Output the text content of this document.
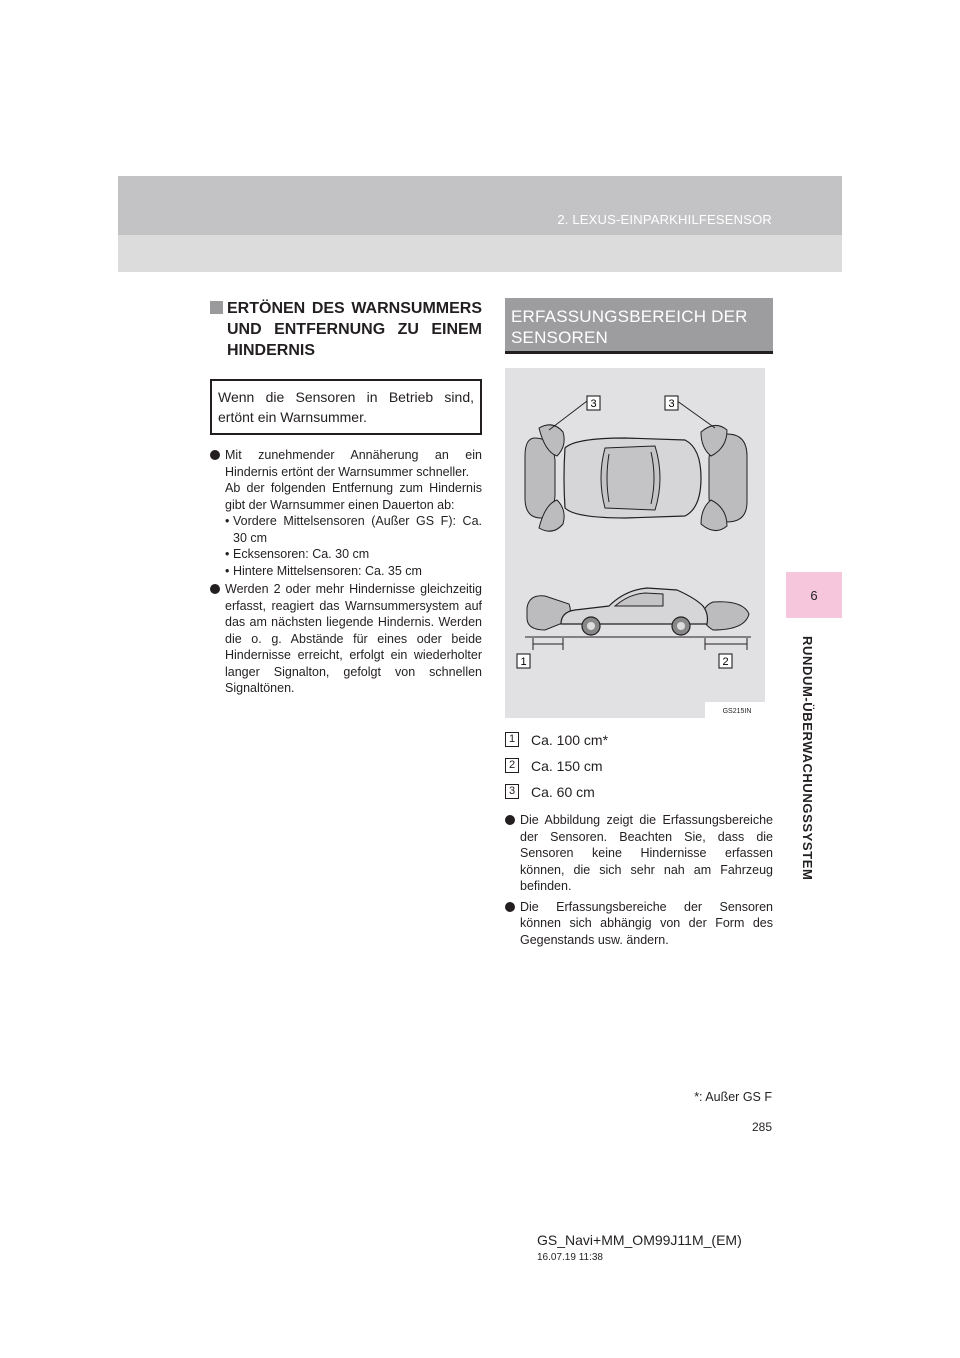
2. LEXUS-EINPARKHILFESENSOR
6
RUNDUM-ÜBERWACHUNGSSYSTEM
ERTÖNEN DES WARNSUMMERS UND ENTFERNUNG ZU EINEM HINDERNIS
Wenn die Sensoren in Betrieb sind, ertönt ein Warnsummer.
Mit zunehmender Annäherung an ein Hindernis ertönt der Warnsummer schneller.
Ab der folgenden Entfernung zum Hindernis gibt der Warnsummer einen Dauerton ab:
• Vordere Mittelsensoren (Außer GS F): Ca. 30 cm
• Ecksensoren: Ca. 30 cm
• Hintere Mittelsensoren: Ca. 35 cm
Werden 2 oder mehr Hindernisse gleichzeitig erfasst, reagiert das Warnsummersystem auf das am nächsten liegende Hindernis. Werden die o. g. Abstände für eines oder beide Hindernisse erreicht, erfolgt ein wiederholter langer Signalton, gefolgt von schnellen Signaltönen.
ERFASSUNGSBEREICH DER SENSOREN
3	3
1	2
GS215IN
1 Ca. 100 cm*
2 Ca. 150 cm
3 Ca. 60 cm
Die Abbildung zeigt die Erfassungsbereiche der Sensoren. Beachten Sie, dass die Sensoren keine Hindernisse erfassen können, die sich sehr nah am Fahrzeug befinden.
Die Erfassungsbereiche der Sensoren können sich abhängig von der Form des Gegenstands usw. ändern.
*: Außer GS F
285
GS_Navi+MM_OM99J11M_(EM)
16.07.19 11:38
